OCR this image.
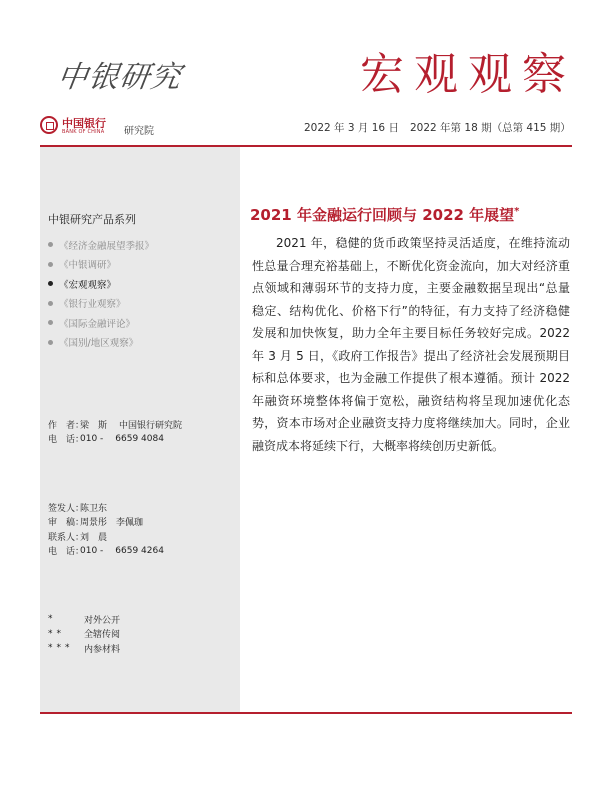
中银研究	宏观观察
中国银行
BANK OF CHINA 研究院	2022 年 3 月 16 日 2022 年第 18 期（总第 415 期）
中银研究产品系列
《经济金融展望季报》
《中银调研》
《宏观观察》
《银行业观察》
《国际金融评论》
《国别/地区观察》
作　者：
梁　斯 中国银行研究院
电　话：
010 - 6659 4084
签发人：
陈卫东
审　稿：
周景彤　李佩珈
联系人：
刘　晨
电　话：
010 - 6659 4264
*	对外公开
**	全辖传阅
***	内参材料
2021 年金融运行回顾与 2022 年展望*

2021 年，稳健的货币政策坚持灵活适度，在维持流动性总量合理充裕基础上，不断优化资金流向，加大对经济重点领域和薄弱环节的支持力度，主要金融数据呈现出“总量稳定、结构优化、价格下行”的特征，有力支持了经济稳健发展和加快恢复，助力全年主要目标任务较好完成。2022 年 3 月 5 日，《政府工作报告》提出了经济社会发展预期目标和总体要求，也为金融工作提供了根本遵循。预计 2022 年融资环境整体将偏于宽松，融资结构将呈现加速优化态势，资本市场对企业融资支持力度将继续加大。同时，企业融资成本将延续下行，大概率将续创历史新低。
